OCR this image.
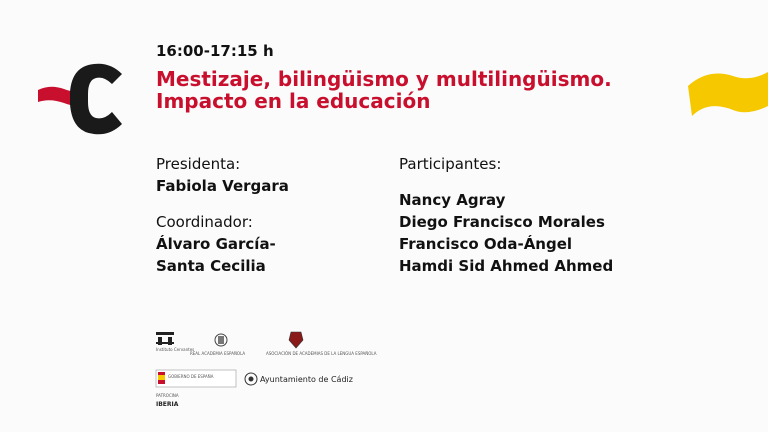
16:00-17:15 h
Mestizaje, bilingüismo y multilingüismo.
Impacto en la educación
Presidenta:
Fabiola Vergara
Coordinador:
Álvaro García-
Santa Cecilia
Participantes:
Nancy Agray
Diego Francisco Morales
Francisco Oda-Ángel
Hamdi Sid Ahmed Ahmed
Instituto Cervantes
REAL ACADEMIA ESPAÑOLA	ASOCIACIÓN DE ACADEMIAS DE LA LENGUA ESPAÑOLA
GOBIERNO DE ESPAÑA	Ayuntamiento de Cádiz
PATROCINA
IBERIA
